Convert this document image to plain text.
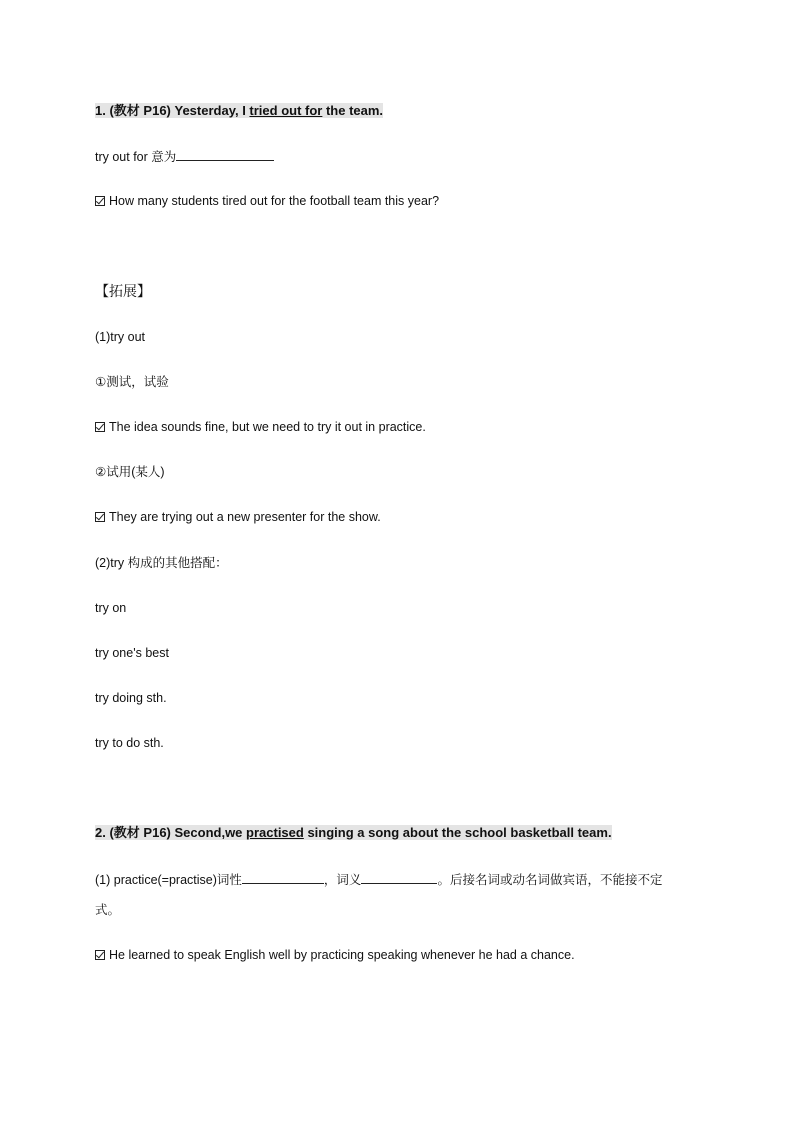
1. (教材 P16) Yesterday, I tried out for the team.
try out for 意为
How many students tired out for the football team this year?
【拓展】
(1)try out
①测试，试验
The idea sounds fine, but we need to try it out in practice.
②试用(某人)
They are trying out a new presenter for the show.
(2)try 构成的其他搭配：
try on
try one's best
try doing sth.
try to do sth.
2. (教材 P16) Second,we practised singing a song about the school basketball team.
(1) practice(=practise)词性	，词义	。后接名词或动名词做宾语，不能接不定
式。
He learned to speak English well by practicing speaking whenever he had a chance.
